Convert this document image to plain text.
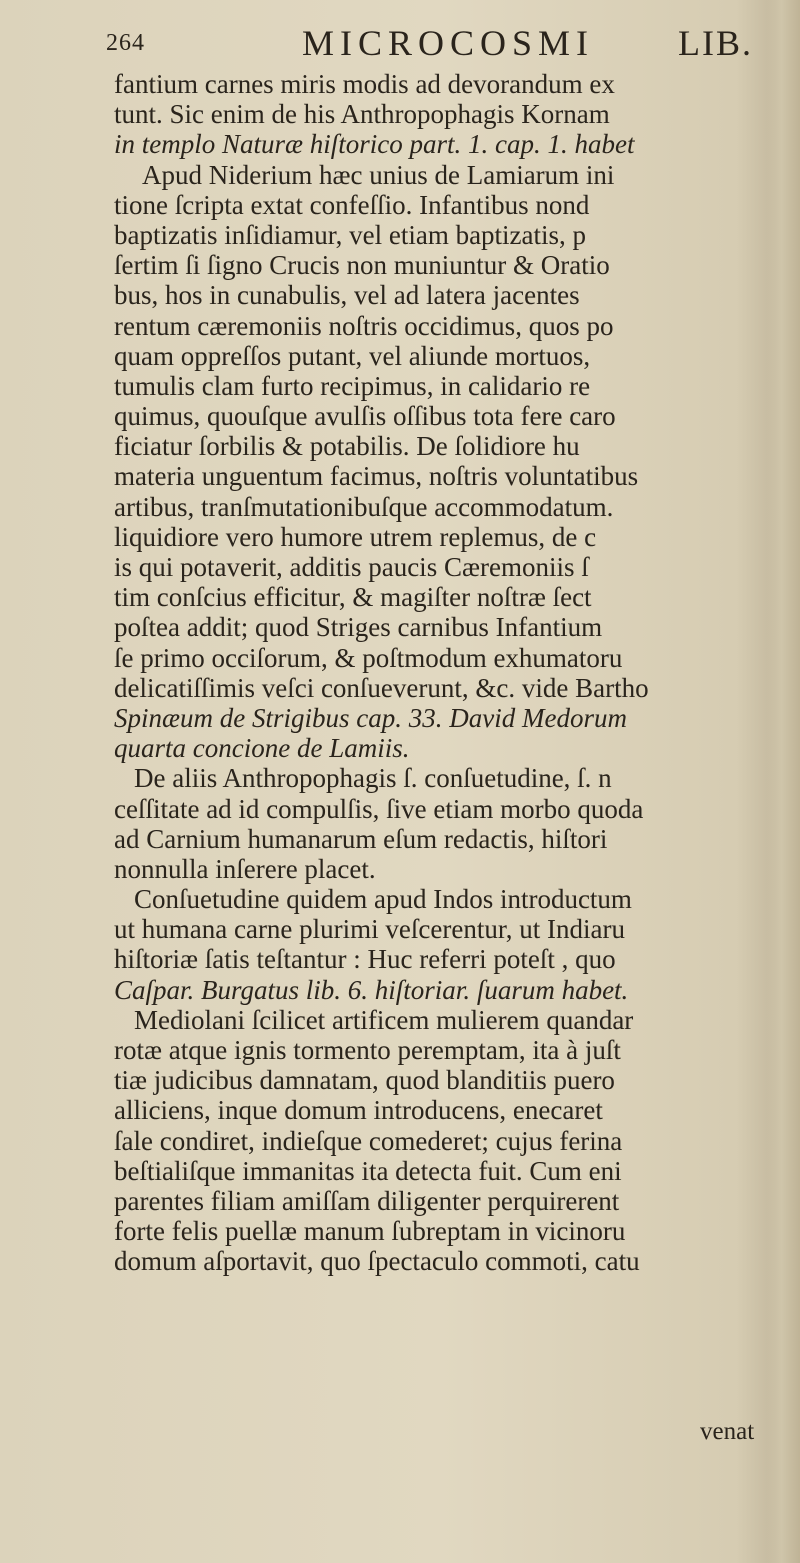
264	MICROCOSMI LIB.
fantium carnes miris modis ad devorandum ex
tunt. Sic enim de his Anthropophagis Kornam
in templo Naturæ hiſtorico part. 1. cap. 1. habet
Apud Niderium hæc unius de Lamiarum ini
tione ſcripta extat confeſſio. Infantibus nond
baptizatis inſidiamur, vel etiam baptizatis, p
ſertim ſi ſigno Crucis non muniuntur & Oratio
bus, hos in cunabulis, vel ad latera jacentes
rentum cæremoniis noſtris occidimus, quos po
quam oppreſſos putant, vel aliunde mortuos,
tumulis clam furto recipimus, in calidario re
quimus, quouſque avulſis oſſibus tota fere caro
ficiatur ſorbilis & potabilis. De ſolidiore hu
materia unguentum facimus, noſtris voluntatibus
artibus, tranſmutationibuſque accommodatum.
liquidiore vero humore utrem replemus, de c
is qui potaverit, additis paucis Cæremoniis ſ
tim conſcius efficitur, & magiſter noſtræ ſect
poſtea addit; quod Striges carnibus Infantium
ſe primo occiſorum, & poſtmodum exhumatoru
delicatiſſimis veſci conſueverunt, &c. vide Bartho
Spinæum de Strigibus cap. 33. David Medorum
quarta concione de Lamiis.
De aliis Anthropophagis ſ. conſuetudine, ſ. n
ceſſitate ad id compulſis, ſive etiam morbo quoda
ad Carnium humanarum eſum redactis, hiſtori
nonnulla inſerere placet.
Conſuetudine quidem apud Indos introductum
ut humana carne plurimi veſcerentur, ut Indiaru
hiſtoriæ ſatis teſtantur : Huc referri poteſt , quo
Caſpar. Burgatus lib. 6. hiſtoriar. ſuarum habet.
Mediolani ſcilicet artificem mulierem quandar
rotæ atque ignis tormento peremptam, ita à juſt
tiæ judicibus damnatam, quod blanditiis puero
alliciens, inque domum introducens, enecaret
ſale condiret, indieſque comederet; cujus ferina
beſtialiſque immanitas ita detecta fuit. Cum eni
parentes filiam amiſſam diligenter perquirerent
forte felis puellæ manum ſubreptam in vicinoru
domum aſportavit, quo ſpectaculo commoti, catu
venat
